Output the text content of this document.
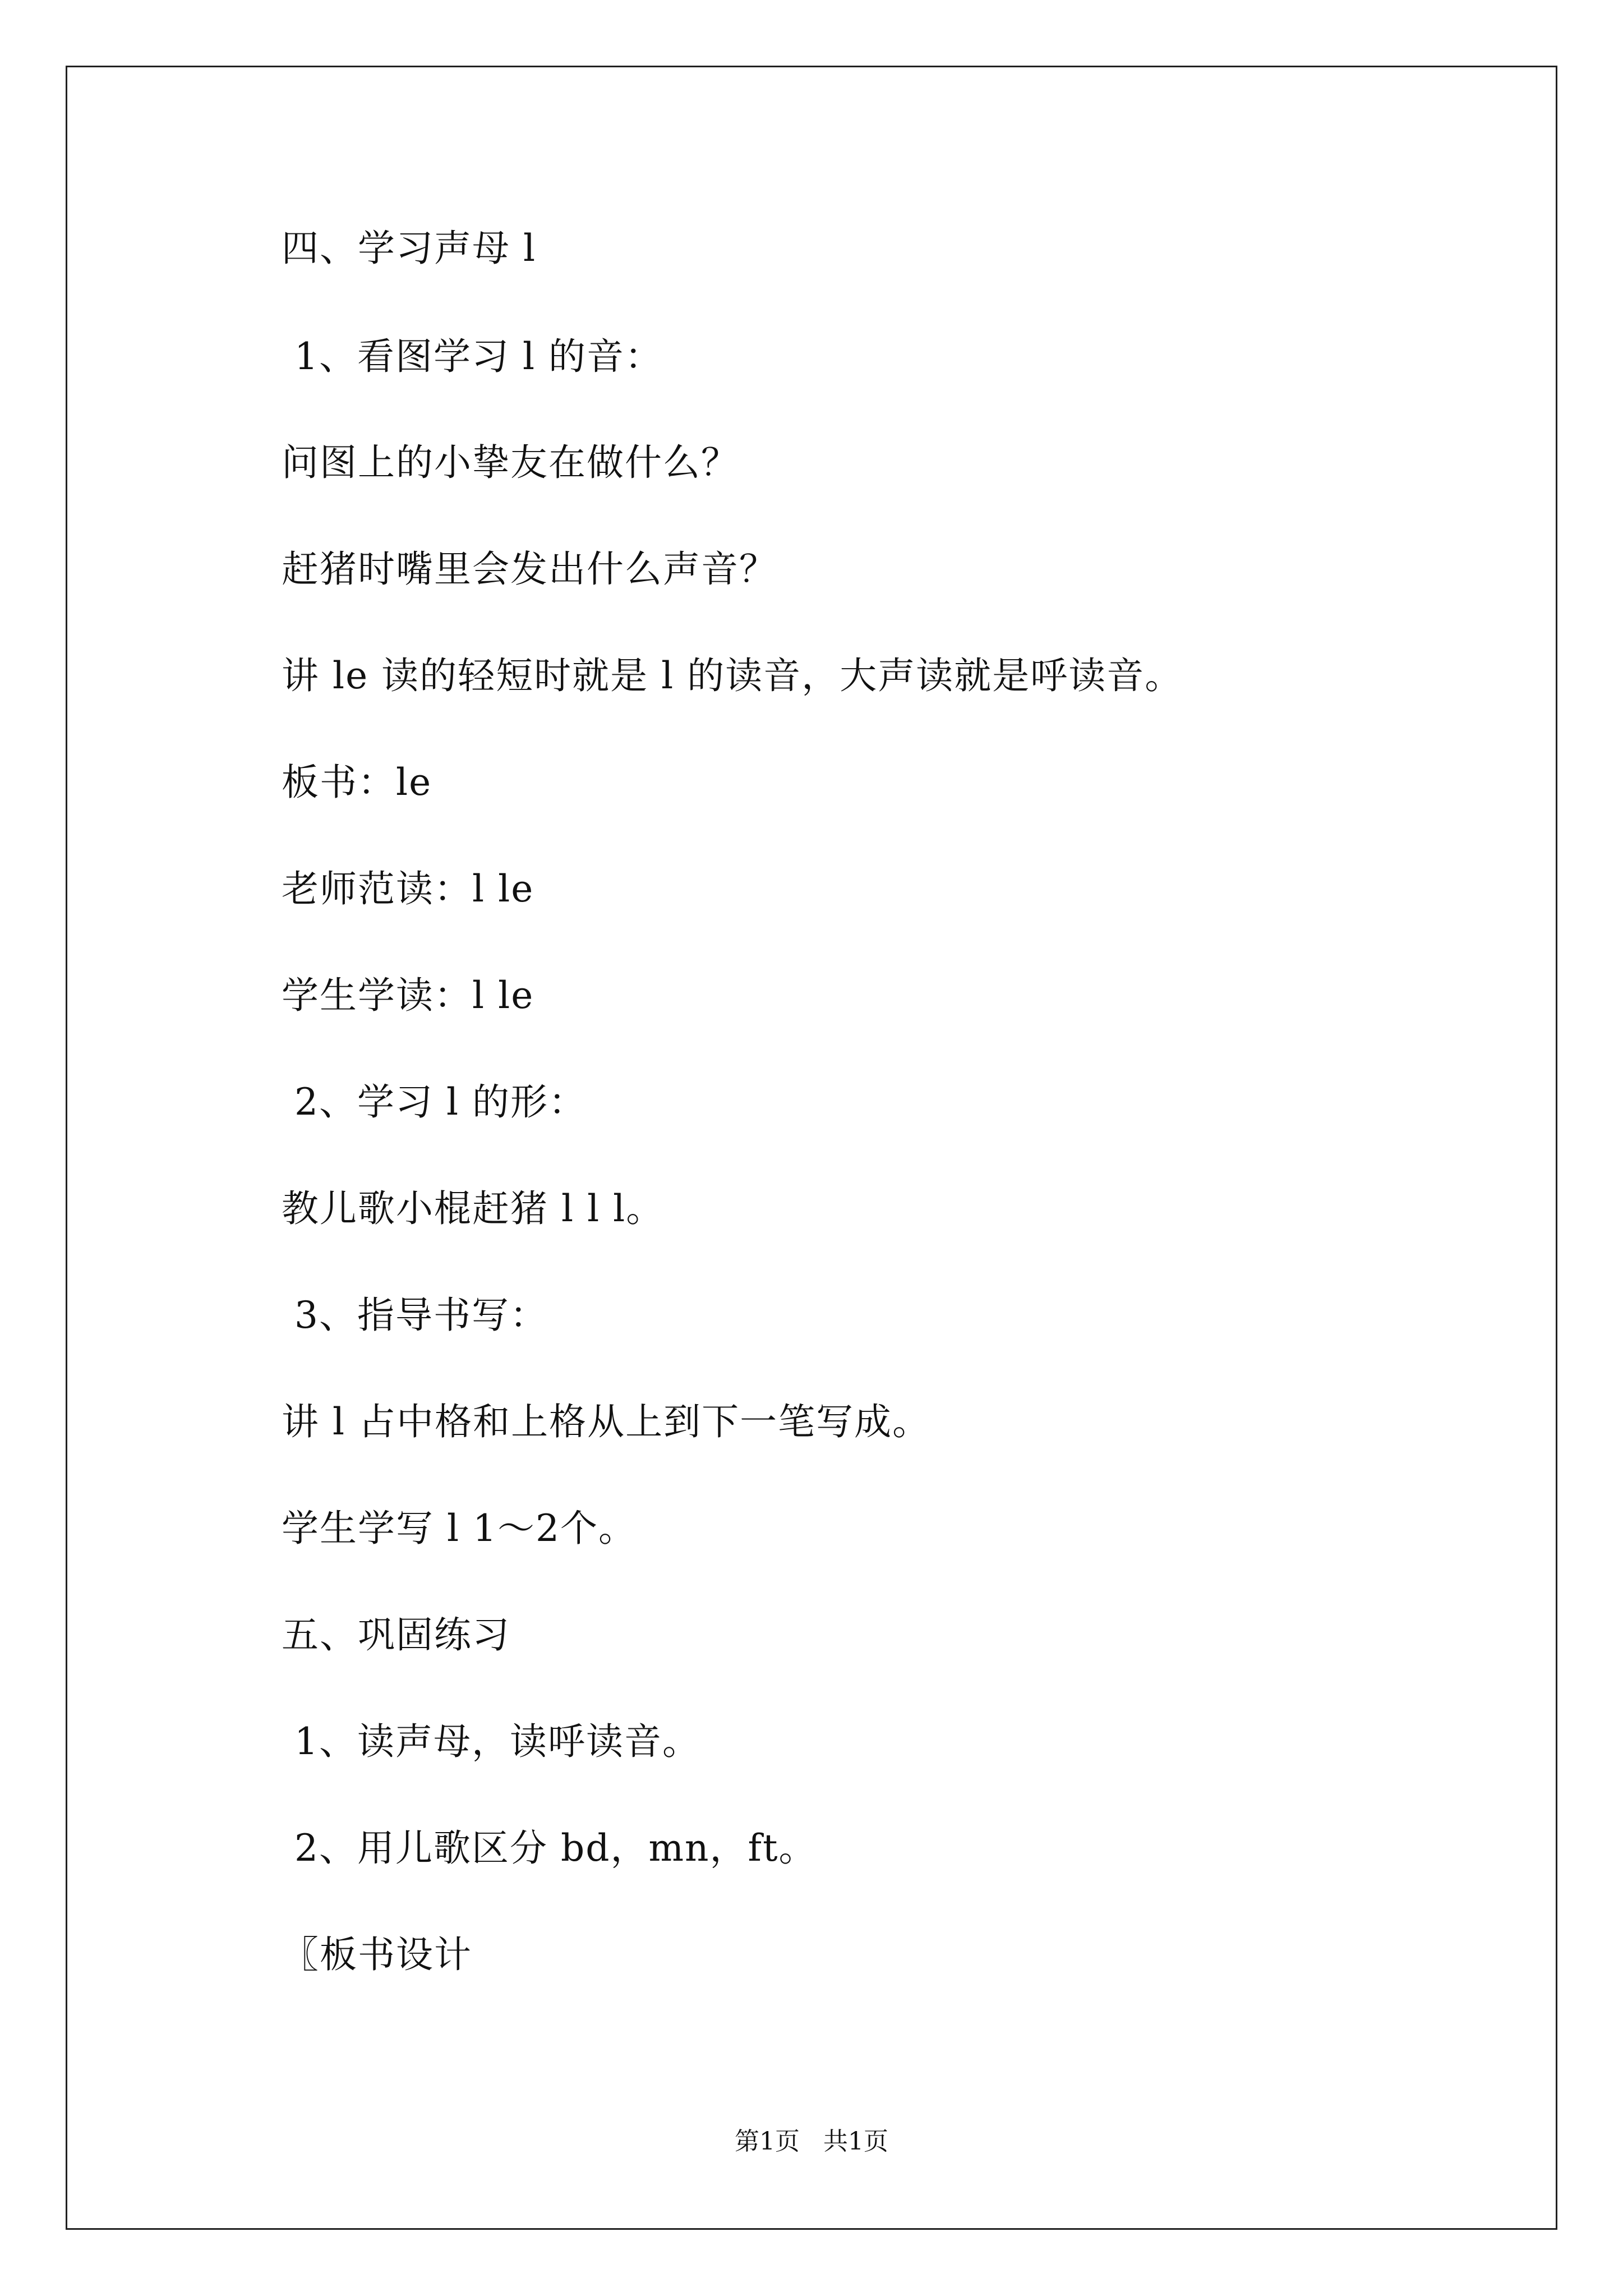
四、学习声母 l
1、看图学习 l 的音：
问图上的小挚友在做什么？
赶猪时嘴里会发出什么声音？
讲 le 读的轻短时就是 l 的读音，大声读就是呼读音。
板书：le
老师范读：l le
学生学读：l le
2、学习 l 的形：
教儿歌小棍赶猪 l l l。
3、指导书写：
讲 l 占中格和上格从上到下一笔写成。
学生学写 l 1～2个。
五、巩固练习
1、读声母，读呼读音。
2、用儿歌区分 bd，mn，ft。
〖板书设计
第1页   共1页
